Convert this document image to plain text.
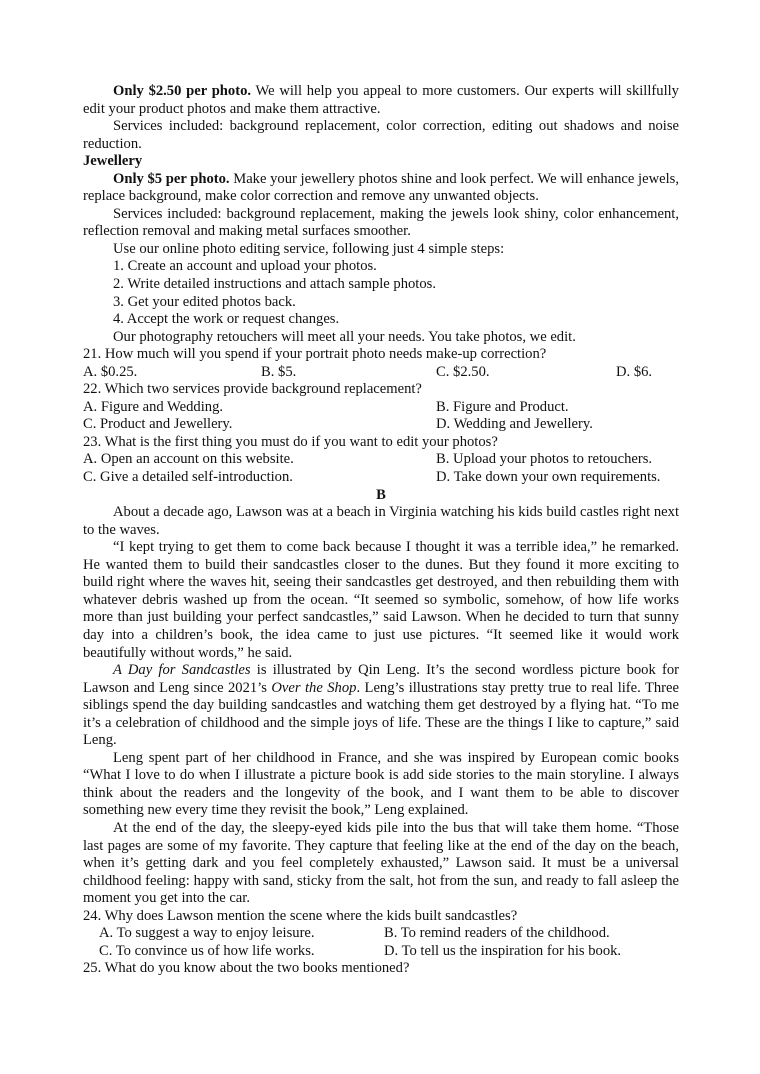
Only $2.50 per photo. We will help you appeal to more customers. Our experts will skillfully edit your product photos and make them attractive.

Services included: background replacement, color correction, editing out shadows and noise reduction.

Jewellery

Only $5 per photo. Make your jewellery photos shine and look perfect. We will enhance jewels, replace background, make color correction and remove any unwanted objects.

Services included: background replacement, making the jewels look shiny, color enhancement, reflection removal and making metal surfaces smoother.

Use our online photo editing service, following just 4 simple steps:

1. Create an account and upload your photos.

2. Write detailed instructions and attach sample photos.

3. Get your edited photos back.

4. Accept the work or request changes.

Our photography retouchers will meet all your needs. You take photos, we edit.

21. How much will you spend if your portrait photo needs make-up correction?

A. $0.25.	B. $5.	C. $2.50.	D. $6.

22. Which two services provide background replacement?

A. Figure and Wedding.	B. Figure and Product.
C. Product and Jewellery.	D. Wedding and Jewellery.

23. What is the first thing you must do if you want to edit your photos?

A. Open an account on this website.	B. Upload your photos to retouchers.
C. Give a detailed self-introduction.	D. Take down your own requirements.

B

About a decade ago, Lawson was at a beach in Virginia watching his kids build castles right next to the waves.

“I kept trying to get them to come back because I thought it was a terrible idea,” he remarked. He wanted them to build their sandcastles closer to the dunes. But they found it more exciting to build right where the waves hit, seeing their sandcastles get destroyed, and then rebuilding them with whatever debris washed up from the ocean. “It seemed so symbolic, somehow, of how life works more than just building your perfect sandcastles,” said Lawson. When he decided to turn that sunny day into a children’s book, the idea came to just use pictures. “It seemed like it would work beautifully without words,” he said.

A Day for Sandcastles is illustrated by Qin Leng. It’s the second wordless picture book for Lawson and Leng since 2021’s Over the Shop. Leng’s illustrations stay pretty true to real life. Three siblings spend the day building sandcastles and watching them get destroyed by a flying hat. “To me it’s a celebration of childhood and the simple joys of life. These are the things I like to capture,” said Leng.

Leng spent part of her childhood in France, and she was inspired by European comic books “What I love to do when I illustrate a picture book is add side stories to the main storyline. I always think about the readers and the longevity of the book, and I want them to be able to discover something new every time they revisit the book,” Leng explained.

At the end of the day, the sleepy-eyed kids pile into the bus that will take them home. “Those last pages are some of my favorite. They capture that feeling like at the end of the day on the beach, when it’s getting dark and you feel completely exhausted,” Lawson said. It must be a universal childhood feeling: happy with sand, sticky from the salt, hot from the sun, and ready to fall asleep the moment you get into the car.

24. Why does Lawson mention the scene where the kids built sandcastles?

A. To suggest a way to enjoy leisure.	B. To remind readers of the childhood.
C. To convince us of how life works.	D. To tell us the inspiration for his book.

25. What do you know about the two books mentioned?
